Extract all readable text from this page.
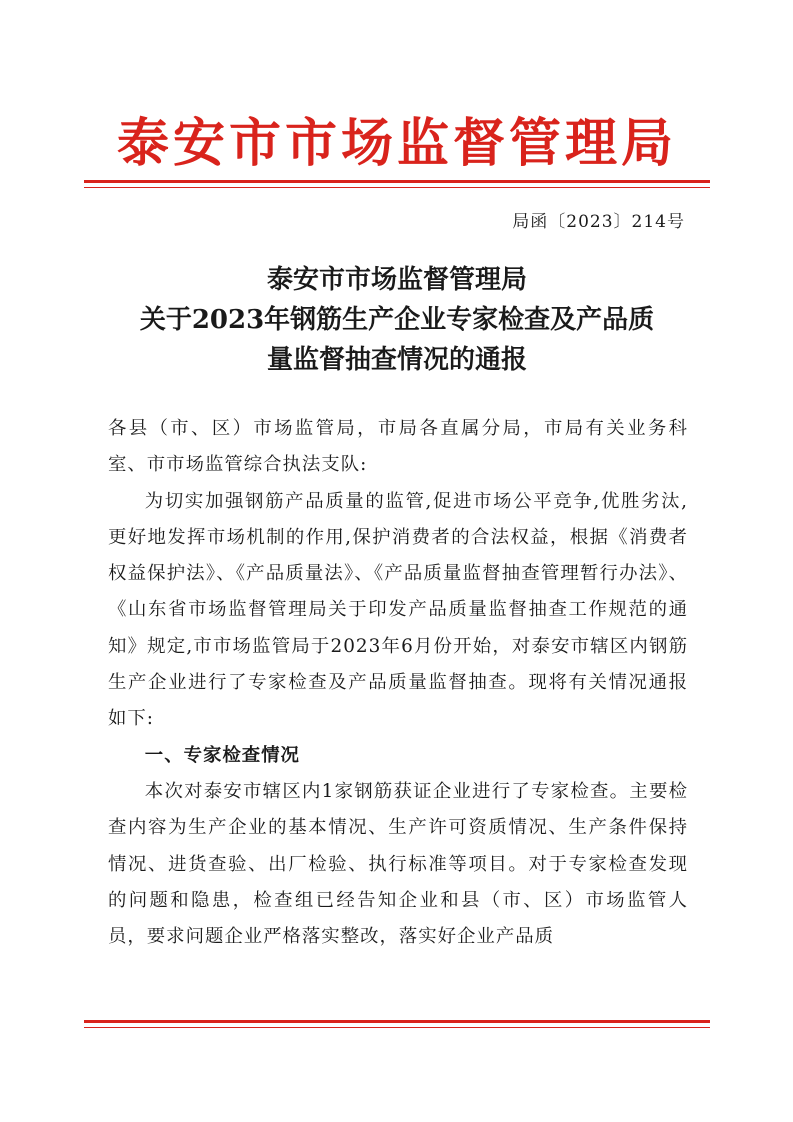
泰安市市场监督管理局
局函〔2023〕214号
泰安市市场监督管理局
关于2023年钢筋生产企业专家检查及产品质
量监督抽查情况的通报

各县（市、区）市场监管局，市局各直属分局，市局有关业务科室、市市场监管综合执法支队:

为切实加强钢筋产品质量的监管,促进市场公平竞争,优胜劣汰,更好地发挥市场机制的作用,保护消费者的合法权益，根据《消费者权益保护法》、《产品质量法》、《产品质量监督抽查管理暂行办法》、《山东省市场监督管理局关于印发产品质量监督抽查工作规范的通知》规定,市市场监管局于2023年6月份开始，对泰安市辖区内钢筋生产企业进行了专家检查及产品质量监督抽查。现将有关情况通报如下:

一、专家检查情况

本次对泰安市辖区内1家钢筋获证企业进行了专家检查。主要检查内容为生产企业的基本情况、生产许可资质情况、生产条件保持情况、进货查验、出厂检验、执行标准等项目。对于专家检查发现的问题和隐患，检查组已经告知企业和县（市、区）市场监管人员，要求问题企业严格落实整改，落实好企业产品质
